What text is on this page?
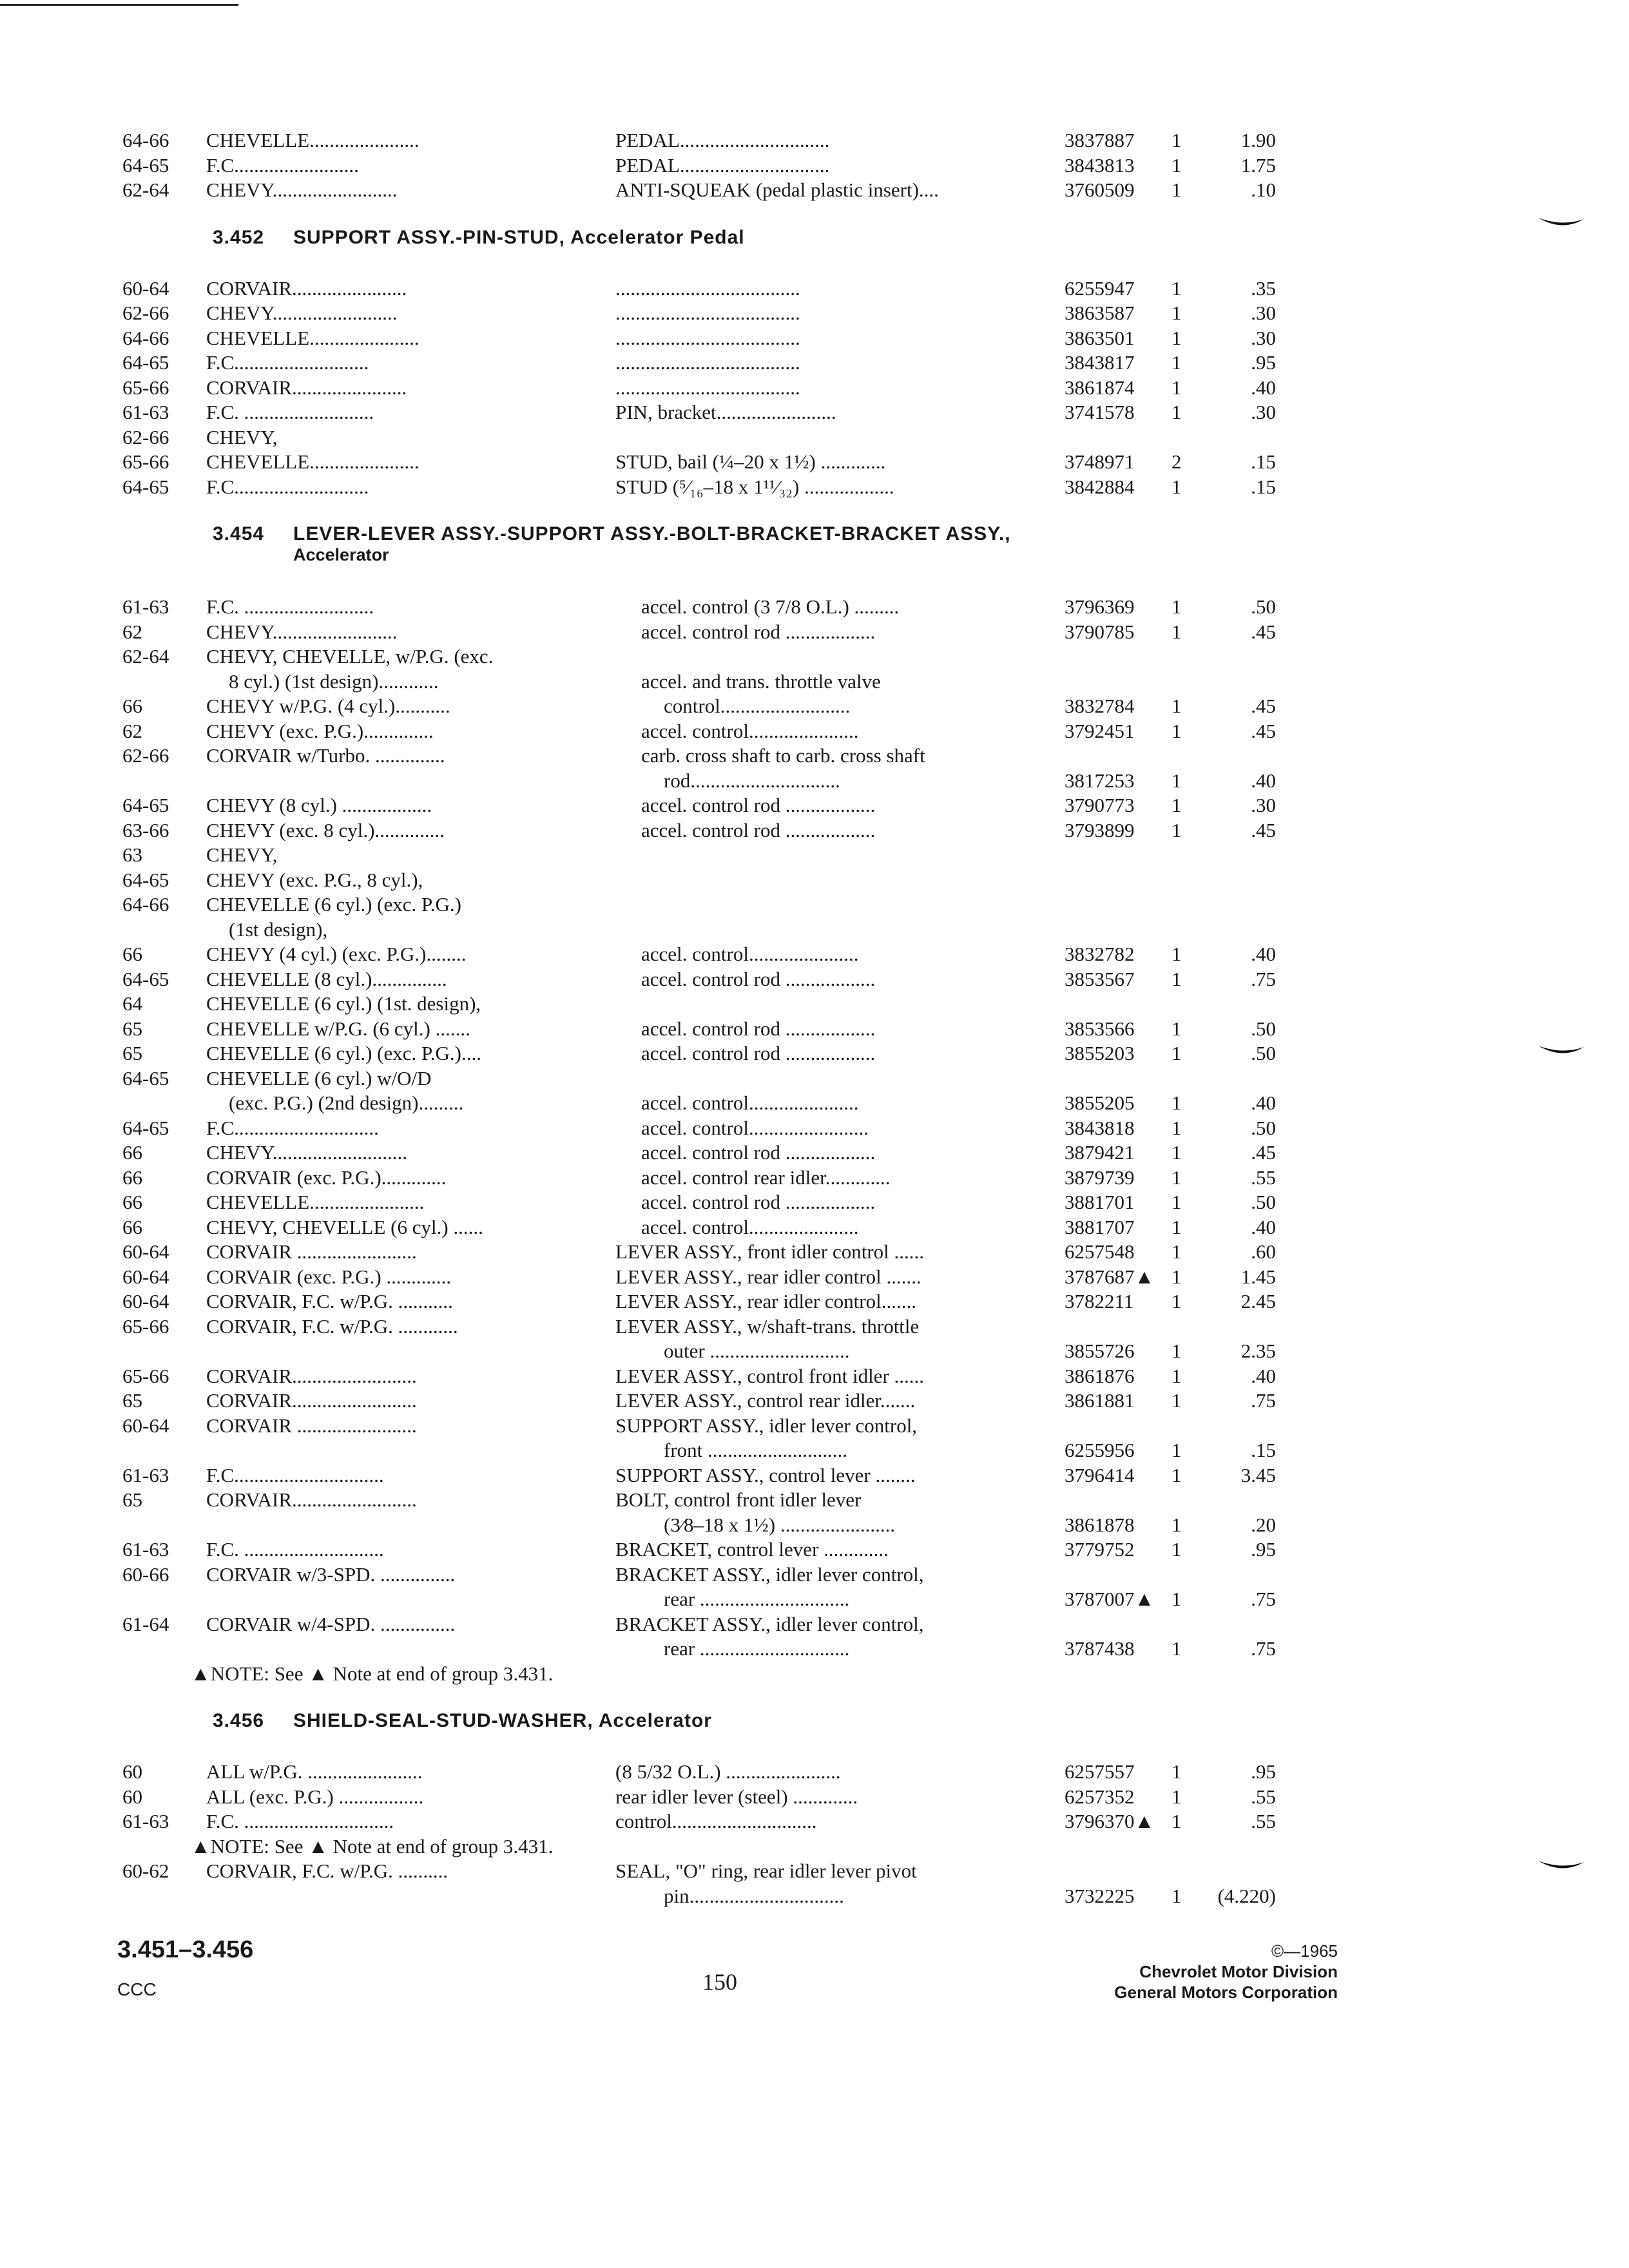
64-66 CHEVELLE......................	PEDAL..............................	3837887 1	1.90
64-65 F.C.........................	PEDAL..............................	3843813 1	1.75
62-64 CHEVY.........................	ANTI-SQUEAK (pedal plastic insert)....	3760509 1	.10
3.452 SUPPORT ASSY.-PIN-STUD, Accelerator Pedal
60-64 CORVAIR.......................	.....................................	6255947 1	.35
62-66 CHEVY.........................	.....................................	3863587 1	.30
64-66 CHEVELLE......................	.....................................	3863501 1	.30
64-65 F.C...........................	.....................................	3843817 1	.95
65-66 CORVAIR.......................	.....................................	3861874 1	.40
61-63 F.C. ..........................	PIN, bracket........................	3741578 1	.30
62-66 CHEVY,
65-66 CHEVELLE......................	STUD, bail (¼–20 x 1½) .............	3748971 2	.15
64-65 F.C...........................	STUD (⁵⁄₁₆–18 x 1¹¹⁄₃₂) ..................	3842884 1	.15
3.454 LEVER-LEVER ASSY.-SUPPORT ASSY.-BOLT-BRACKET-BRACKET ASSY.,
Accelerator
61-63 F.C. ..........................	accel. control (3 7/8 O.L.) .........	3796369 1	.50
62	CHEVY.........................	accel. control rod ..................	3790785 1	.45
62-64 CHEVY, CHEVELLE, w/P.G. (exc.
8 cyl.) (1st design)............	accel. and trans. throttle valve
66	CHEVY w/P.G. (4 cyl.)...........	control..........................	3832784 1	.45
62	CHEVY (exc. P.G.)..............	accel. control......................	3792451 1	.45
62-66 CORVAIR w/Turbo. ..............	carb. cross shaft to carb. cross shaft
rod..............................	3817253 1	.40
64-65 CHEVY (8 cyl.) ..................	accel. control rod ..................	3790773 1	.30
63-66 CHEVY (exc. 8 cyl.)..............	accel. control rod ..................	3793899 1	.45
63	CHEVY,
64-65 CHEVY (exc. P.G., 8 cyl.),
64-66 CHEVELLE (6 cyl.) (exc. P.G.)
(1st design),
66	CHEVY (4 cyl.) (exc. P.G.)........	accel. control......................	3832782 1	.40
64-65 CHEVELLE (8 cyl.)...............	accel. control rod ..................	3853567 1	.75
64	CHEVELLE (6 cyl.) (1st. design),
65	CHEVELLE w/P.G. (6 cyl.) .......	accel. control rod ..................	3853566 1	.50
65	CHEVELLE (6 cyl.) (exc. P.G.)....	accel. control rod ..................	3855203 1	.50
64-65 CHEVELLE (6 cyl.) w/O/D
(exc. P.G.) (2nd design).........	accel. control......................	3855205 1	.40
64-65 F.C.............................	accel. control........................	3843818 1	.50
66	CHEVY...........................	accel. control rod ..................	3879421 1	.45
66	CORVAIR (exc. P.G.).............	accel. control rear idler.............	3879739 1	.55
66	CHEVELLE.......................	accel. control rod ..................	3881701 1	.50
66	CHEVY, CHEVELLE (6 cyl.) ......	accel. control......................	3881707 1	.40
60-64 CORVAIR ........................	LEVER ASSY., front idler control ......	6257548 1	.60
60-64 CORVAIR (exc. P.G.) .............	LEVER ASSY., rear idler control .......	3787687▲ 1	1.45
60-64 CORVAIR, F.C. w/P.G. ...........	LEVER ASSY., rear idler control.......	3782211 1	2.45
65-66 CORVAIR, F.C. w/P.G. ............	LEVER ASSY., w/shaft-trans. throttle
outer ............................	3855726 1	2.35
65-66 CORVAIR.........................	LEVER ASSY., control front idler ......	3861876 1	.40
65	CORVAIR.........................	LEVER ASSY., control rear idler.......	3861881 1	.75
60-64 CORVAIR ........................	SUPPORT ASSY., idler lever control,
front ............................	6255956 1	.15
61-63 F.C..............................	SUPPORT ASSY., control lever ........	3796414 1	3.45
65	CORVAIR.........................	BOLT, control front idler lever
(3⁄8–18 x 1½) .......................	3861878 1	.20
61-63 F.C. ............................	BRACKET, control lever .............	3779752 1	.95
60-66 CORVAIR w/3-SPD. ...............	BRACKET ASSY., idler lever control,
rear ..............................	3787007▲ 1	.75
61-64 CORVAIR w/4-SPD. ...............	BRACKET ASSY., idler lever control,
rear ..............................	3787438 1	.75
▲NOTE: See ▲ Note at end of group 3.431.
3.456 SHIELD-SEAL-STUD-WASHER, Accelerator
60	ALL w/P.G. .......................	(8 5/32 O.L.) .......................	6257557 1	.95
60	ALL (exc. P.G.) .................	rear idler lever (steel) .............	6257352 1	.55
61-63 F.C. ..............................	control.............................	3796370▲ 1	.55
▲NOTE: See ▲ Note at end of group 3.431.
60-62 CORVAIR, F.C. w/P.G. ..........	SEAL, "O" ring, rear idler lever pivot
pin...............................	3732225 1	(4.220)
3.451–3.456
CCC	150
©—1965
Chevrolet Motor Division
General Motors Corporation
